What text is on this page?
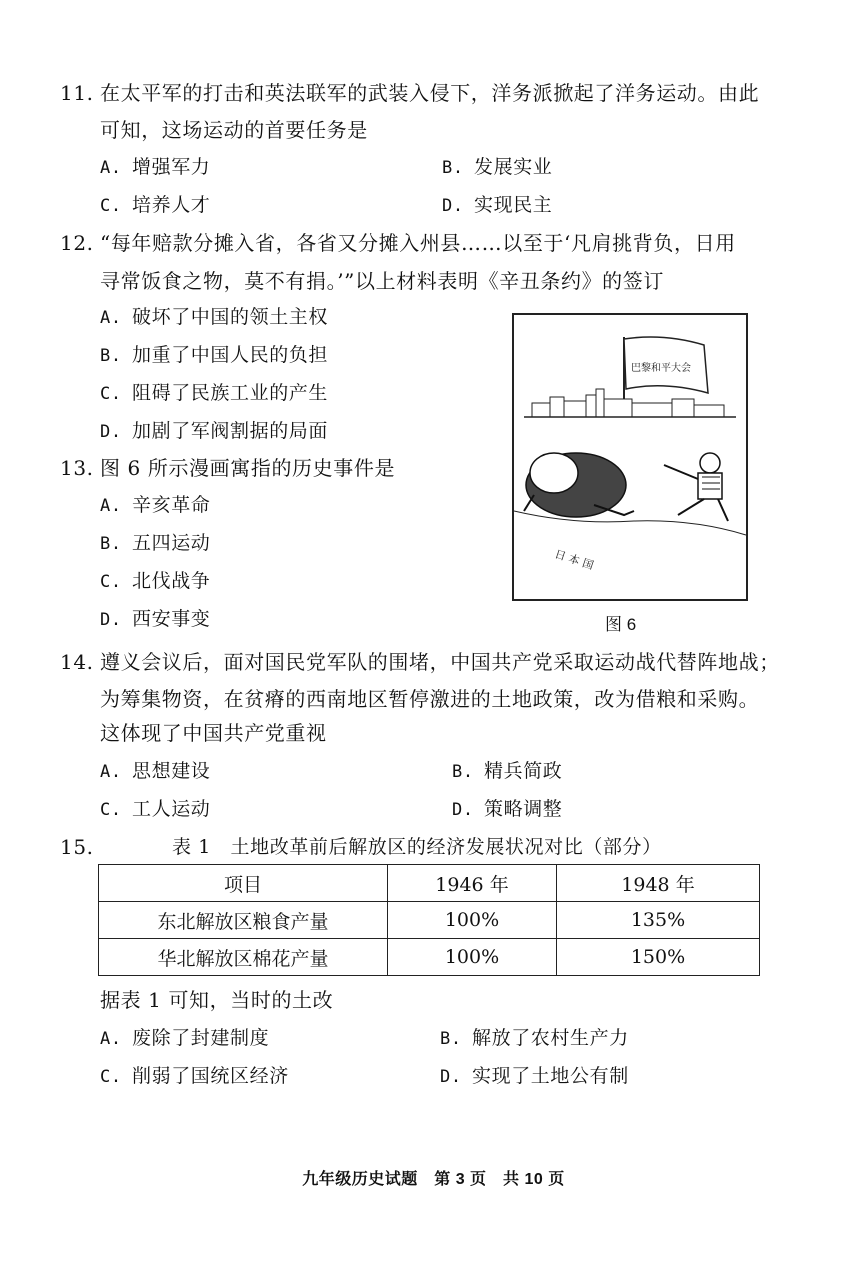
11. 在太平军的打击和英法联军的武装入侵下，洋务派掀起了洋务运动。由此
可知，这场运动的首要任务是
A. 增强军力	B. 发展实业
C. 培养人才	D. 实现民主
12. “每年赔款分摊入省，各省又分摊入州县……以至于‘凡肩挑背负，日用
寻常饭食之物，莫不有捐。’”以上材料表明《辛丑条约》的签订
A. 破坏了中国的领土主权
B. 加重了中国人民的负担
C. 阻碍了民族工业的产生
D. 加剧了军阀割据的局面
13. 图 6 所示漫画寓指的历史事件是
A. 辛亥革命
B. 五四运动
C. 北伐战争
D. 西安事变
巴黎和平大会
日 本 国
图 6
14. 遵义会议后，面对国民党军队的围堵，中国共产党采取运动战代替阵地战；
为筹集物资，在贫瘠的西南地区暂停激进的土地政策，改为借粮和采购。
这体现了中国共产党重视
A. 思想建设	B. 精兵简政
C. 工人运动	D. 策略调整
15.	表 1　土地改革前后解放区的经济发展状况对比（部分）
项目	1946 年	1948 年
东北解放区粮食产量	100%	135%
华北解放区棉花产量	100%	150%
据表 1 可知，当时的土改
A. 废除了封建制度	B. 解放了农村生产力
C. 削弱了国统区经济	D. 实现了土地公有制
九年级历史试题　第 3 页　共 10 页
